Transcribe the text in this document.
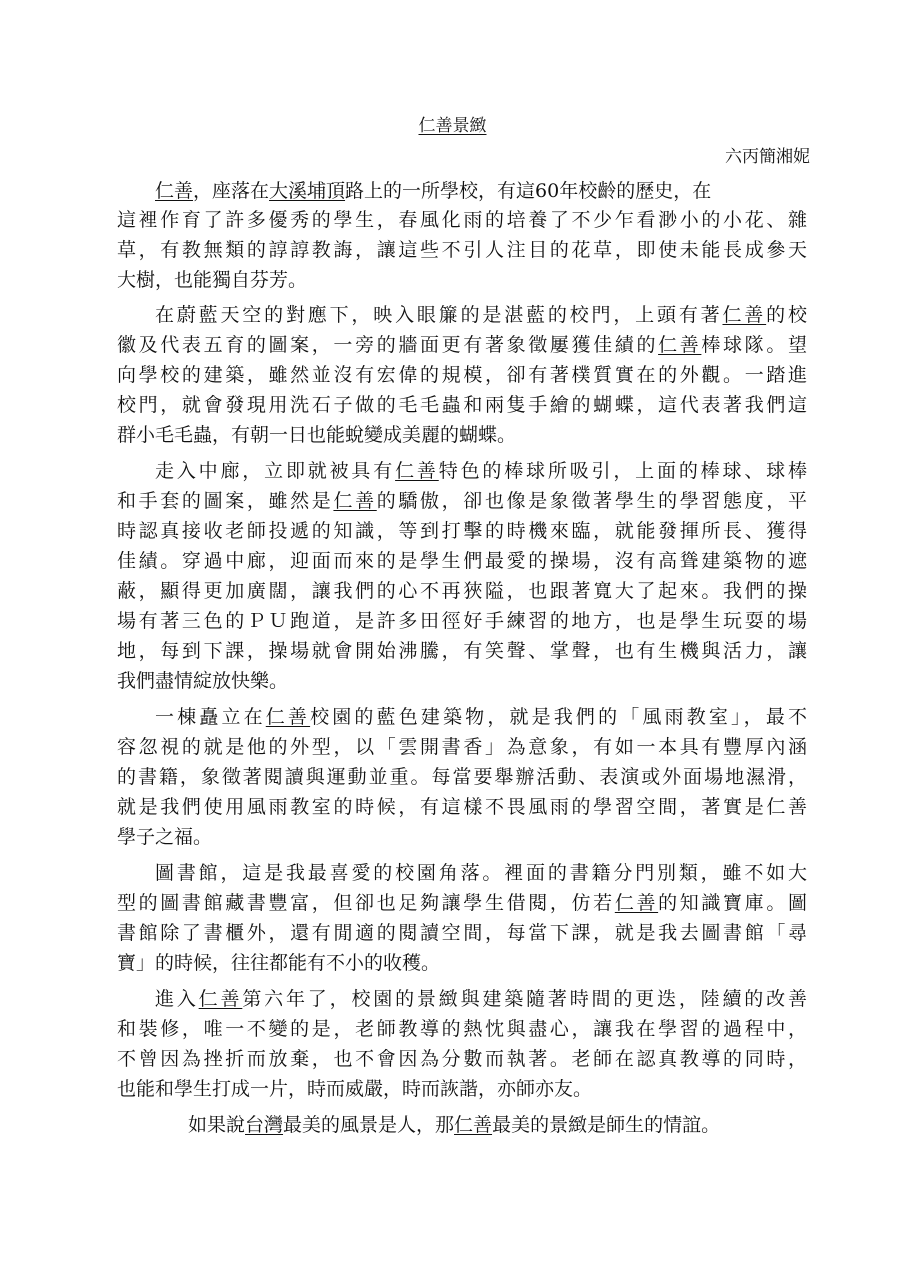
仁善景緻
六丙簡湘妮
仁善，座落在大溪埔頂路上的一所學校，有這60年校齡的歷史，在
這裡作育了許多優秀的學生，春風化雨的培養了不少乍看渺小的小花、雜
草，有教無類的諄諄教誨，讓這些不引人注目的花草，即使未能長成參天
大樹，也能獨自芬芳。
在蔚藍天空的對應下，映入眼簾的是湛藍的校門，上頭有著仁善的校
徽及代表五育的圖案，一旁的牆面更有著象徵屢獲佳績的仁善棒球隊。望
向學校的建築，雖然並沒有宏偉的規模，卻有著樸質實在的外觀。一踏進
校門，就會發現用洗石子做的毛毛蟲和兩隻手繪的蝴蝶，這代表著我們這
群小毛毛蟲，有朝一日也能蛻變成美麗的蝴蝶。
走入中廊，立即就被具有仁善特色的棒球所吸引，上面的棒球、球棒
和手套的圖案，雖然是仁善的驕傲，卻也像是象徵著學生的學習態度，平
時認真接收老師投遞的知識，等到打擊的時機來臨，就能發揮所長、獲得
佳績。穿過中廊，迎面而來的是學生們最愛的操場，沒有高聳建築物的遮
蔽，顯得更加廣闊，讓我們的心不再狹隘，也跟著寬大了起來。我們的操
場有著三色的ＰＵ跑道，是許多田徑好手練習的地方，也是學生玩耍的場
地，每到下課，操場就會開始沸騰，有笑聲、掌聲，也有生機與活力，讓
我們盡情綻放快樂。
一棟矗立在仁善校園的藍色建築物，就是我們的「風雨教室」，最不
容忽視的就是他的外型，以「雲開書香」為意象，有如一本具有豐厚內涵
的書籍，象徵著閱讀與運動並重。每當要舉辦活動、表演或外面場地濕滑，
就是我們使用風雨教室的時候，有這樣不畏風雨的學習空間，著實是仁善
學子之福。
圖書館，這是我最喜愛的校園角落。裡面的書籍分門別類，雖不如大
型的圖書館藏書豐富，但卻也足夠讓學生借閱，仿若仁善的知識寶庫。圖
書館除了書櫃外，還有閒適的閱讀空間，每當下課，就是我去圖書館「尋
寶」的時候，往往都能有不小的收穫。
進入仁善第六年了，校園的景緻與建築隨著時間的更迭，陸續的改善
和裝修，唯一不變的是，老師教導的熱忱與盡心，讓我在學習的過程中，
不曾因為挫折而放棄，也不會因為分數而執著。老師在認真教導的同時，
也能和學生打成一片，時而威嚴，時而詼諧，亦師亦友。
如果說台灣最美的風景是人，那仁善最美的景緻是師生的情誼。
